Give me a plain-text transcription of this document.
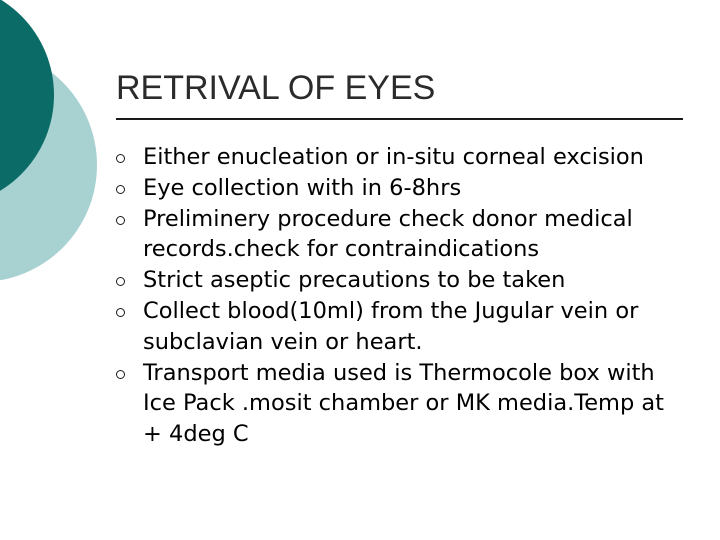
RETRIVAL OF EYES
Either enucleation or in-situ corneal excision
Eye collection with in 6-8hrs
Preliminery procedure check donor medical records.check for contraindications
Strict aseptic precautions to be taken
Collect blood(10ml) from the Jugular vein or subclavian vein or heart.
Transport media used is Thermocole box with Ice Pack .mosit chamber or MK media.Temp at + 4deg C
